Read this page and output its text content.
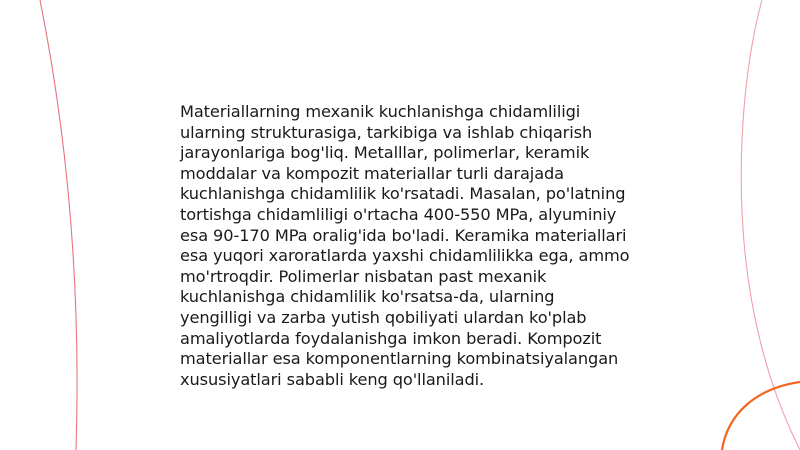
Materiallarning mexanik kuchlanishga chidamliligi ularning strukturasiga, tarkibiga va ishlab chiqarish jarayonlariga bog'liq. Metalllar, polimerlar, keramik moddalar va kompozit materiallar turli darajada kuchlanishga chidamlilik ko'rsatadi. Masalan, po'latning tortishga chidamliligi o'rtacha 400-550 MPa, alyuminiy esa 90-170 MPa oralig'ida bo'ladi. Keramika materiallari esa yuqori xaroratlarda yaxshi chidamlilikka ega, ammo mo'rtroqdir. Polimerlar nisbatan past mexanik kuchlanishga chidamlilik ko'rsatsa-da, ularning yengilligi va zarba yutish qobiliyati ulardan ko'plab amaliyotlarda foydalanishga imkon beradi. Kompozit materiallar esa komponentlarning kombinatsiyalangan xususiyatlari sababli keng qo'llaniladi.
